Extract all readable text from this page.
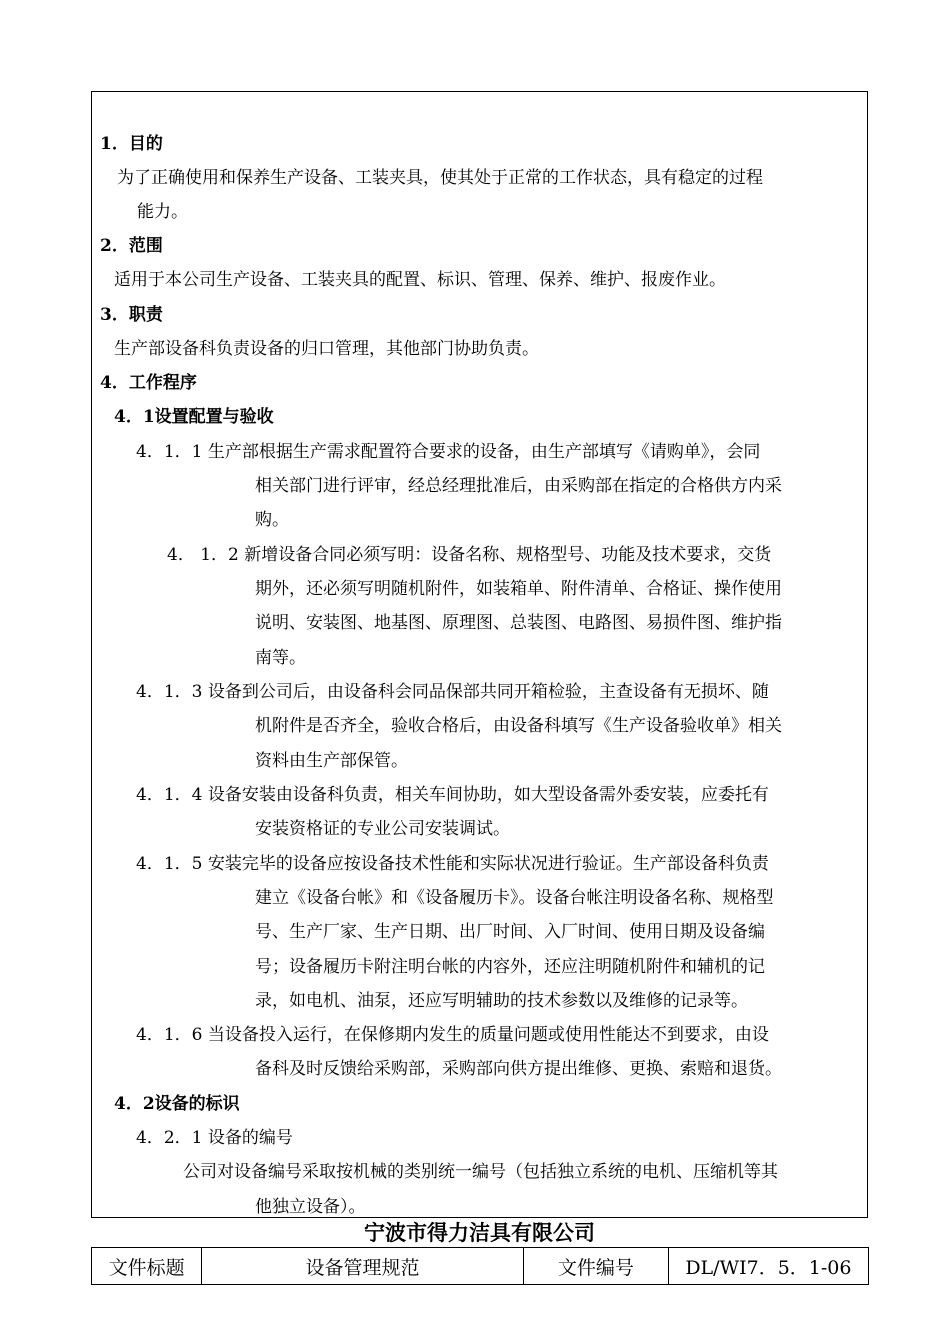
1．目的
为了正确使用和保养生产设备、工装夹具，使其处于正常的工作状态，具有稳定的过程
能力。
2．范围
适用于本公司生产设备、工装夹具的配置、标识、管理、保养、维护、报废作业。
3．职责
生产部设备科负责设备的归口管理，其他部门协助负责。
4．工作程序
4．1设置配置与验收
4．1．1 生产部根据生产需求配置符合要求的设备，由生产部填写《请购单》，会同
相关部门进行评审，经总经理批准后，由采购部在指定的合格供方内采
购。
4． 1．2 新增设备合同必须写明：设备名称、规格型号、功能及技术要求，交货
期外，还必须写明随机附件，如装箱单、附件清单、合格证、操作使用
说明、安装图、地基图、原理图、总装图、电路图、易损件图、维护指
南等。
4．1．3 设备到公司后，由设备科会同品保部共同开箱检验，主查设备有无损坏、随
机附件是否齐全，验收合格后，由设备科填写《生产设备验收单》相关
资料由生产部保管。
4．1．4 设备安装由设备科负责，相关车间协助，如大型设备需外委安装，应委托有
安装资格证的专业公司安装调试。
4．1．5 安装完毕的设备应按设备技术性能和实际状况进行验证。生产部设备科负责
建立《设备台帐》和《设备履历卡》。设备台帐注明设备名称、规格型
号、生产厂家、生产日期、出厂时间、入厂时间、使用日期及设备编
号；设备履历卡附注明台帐的内容外，还应注明随机附件和辅机的记
录，如电机、油泵，还应写明辅助的技术参数以及维修的记录等。
4．1．6 当设备投入运行，在保修期内发生的质量问题或使用性能达不到要求，由设
备科及时反馈给采购部，采购部向供方提出维修、更换、索赔和退货。
4．2设备的标识
4．2．1 设备的编号
公司对设备编号采取按机械的类别统一编号（包括独立系统的电机、压缩机等其
他独立设备）。
宁波市得力洁具有限公司
文件标题	设备管理规范	文件编号	DL/WI7．5．1-06
